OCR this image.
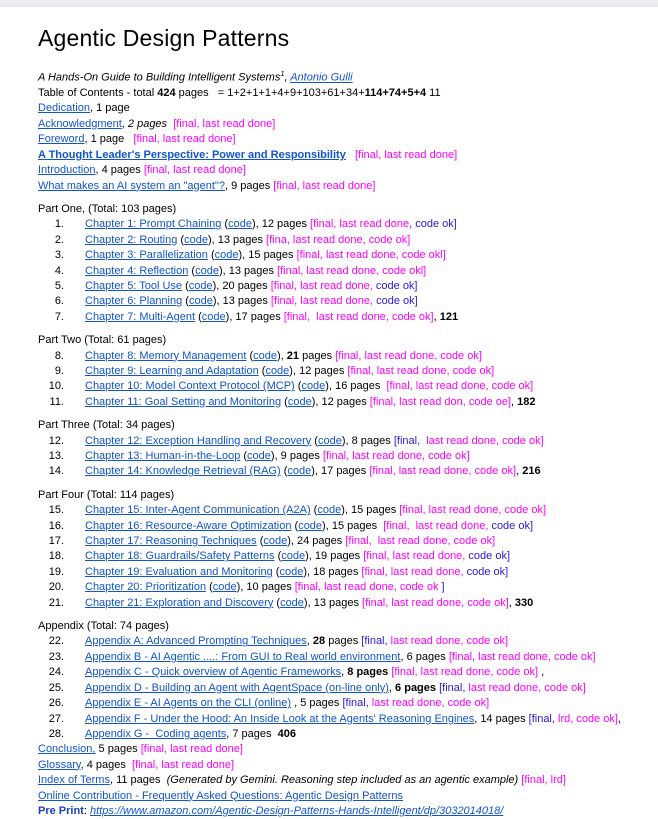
Agentic Design Patterns
A Hands-On Guide to Building Intelligent Systems$^1$, Antonio Gulli
Table of Contents - total 424 pages   = 1+2+1+1+4+9+103+61+34+114+74+5+4 11
Dedication, 1 page
Acknowledgment, 2 pages [final, last read done]
Foreword, 1 page   [final, last read done]
A Thought Leader's Perspective: Power and Responsibility [final, last read done]
Introduction, 4 pages [final, last read done]
What makes an AI system an "agent"?, 9 pages [final, last read done]
Part One, (Total: 103 pages)
1. Chapter 1: Prompt Chaining (code), 12 pages [final, last read done, code ok]
2. Chapter 2: Routing (code), 13 pages [fina, last read done, code ok]
3. Chapter 3: Parallelization (code), 15 pages [final, last read done, code okl]
4. Chapter 4: Reflection (code), 13 pages [final, last read done, code okl]
5. Chapter 5: Tool Use (code), 20 pages [final, last read done, code ok]
6. Chapter 6: Planning (code), 13 pages [final, last read done, code ok]
7. Chapter 7: Multi-Agent (code), 17 pages [final,  last read done, code ok], 121
Part Two (Total: 61 pages)
8. Chapter 8: Memory Management (code), 21 pages [final, last read done, code ok]
9. Chapter 9: Learning and Adaptation (code), 12 pages [final, last read done, code ok]
10. Chapter 10: Model Context Protocol (MCP) (code), 16 pages  [final, last read done, code ok]
11. Chapter 11: Goal Setting and Monitoring (code), 12 pages [final, last read don, code oe], 182
Part Three (Total: 34 pages)
12. Chapter 12: Exception Handling and Recovery (code), 8 pages [final,  last read done, code ok]
13. Chapter 13: Human-in-the-Loop (code), 9 pages [final, last read done, code ok]
14. Chapter 14: Knowledge Retrieval (RAG) (code), 17 pages [final, last read done, code ok], 216
Part Four (Total: 114 pages)
15. Chapter 15: Inter-Agent Communication (A2A) (code), 15 pages [final, last read done, code ok]
16. Chapter 16: Resource-Aware Optimization (code), 15 pages  [final,  last read done, code ok]
17. Chapter 17: Reasoning Techniques (code), 24 pages [final,  last read done, code ok]
18. Chapter 18: Guardrails/Safety Patterns (code), 19 pages [final, last read done, code ok]
19. Chapter 19: Evaluation and Monitoring (code), 18 pages [final, last read done, code ok]
20. Chapter 20: Prioritization (code), 10 pages [final, last read done, code ok ]
21. Chapter 21: Exploration and Discovery (code), 13 pages [final, last read done, code ok], 330
Appendix (Total: 74 pages)
22. Appendix A: Advanced Prompting Techniques, 28 pages [final, last read done, code ok]
23. Appendix B - AI Agentic ....: From GUI to Real world environment, 6 pages [final, last read done, code ok]
24. Appendix C - Quick overview of Agentic Frameworks, 8 pages [final, last read done, code ok] ,
25. Appendix D - Building an Agent with AgentSpace (on-line only), 6 pages [final, last read done, code ok]
26. Appendix E - AI Agents on the CLI (online) , 5 pages [final, last read done, code ok]
27. Appendix F - Under the Hood: An Inside Look at the Agents' Reasoning Engines, 14 pages [final, lrd, code ok],
28. Appendix G -  Coding agents, 7 pages  406
Conclusion, 5 pages [final, last read done]
Glossary, 4 pages  [final, last read done]
Index of Terms, 11 pages  (Generated by Gemini. Reasoning step included as an agentic example) [final, lrd]
Online Contribution - Frequently Asked Questions: Agentic Design Patterns
Pre Print: https://www.amazon.com/Agentic-Design-Patterns-Hands-Intelligent/dp/3032014018/
